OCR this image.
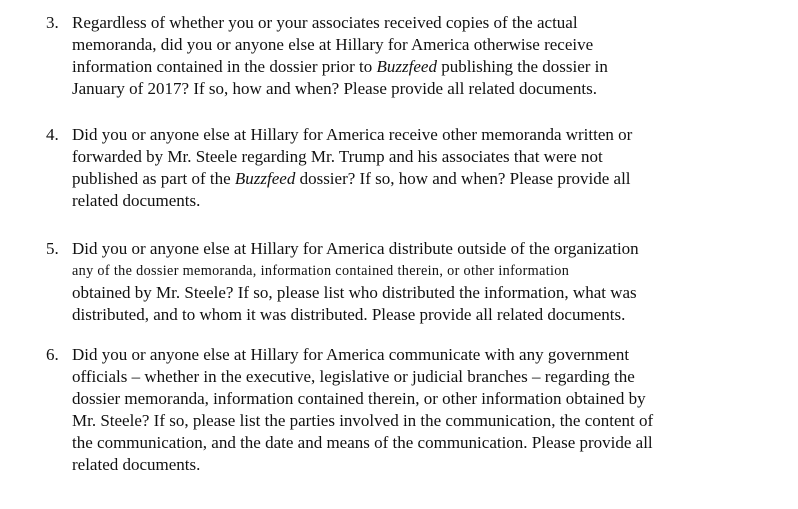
3. Regardless of whether you or your associates received copies of the actual
memoranda, did you or anyone else at Hillary for America otherwise receive
information contained in the dossier prior to Buzzfeed publishing the dossier in
January of 2017? If so, how and when? Please provide all related documents.
4. Did you or anyone else at Hillary for America receive other memoranda written or
forwarded by Mr. Steele regarding Mr. Trump and his associates that were not
published as part of the Buzzfeed dossier? If so, how and when? Please provide all
related documents.
5. Did you or anyone else at Hillary for America distribute outside of the organization
any of the dossier memoranda, information contained therein, or other information
obtained by Mr. Steele? If so, please list who distributed the information, what was
distributed, and to whom it was distributed. Please provide all related documents.
6. Did you or anyone else at Hillary for America communicate with any government
officials – whether in the executive, legislative or judicial branches – regarding the
dossier memoranda, information contained therein, or other information obtained by
Mr. Steele? If so, please list the parties involved in the communication, the content of
the communication, and the date and means of the communication. Please provide all
related documents.
